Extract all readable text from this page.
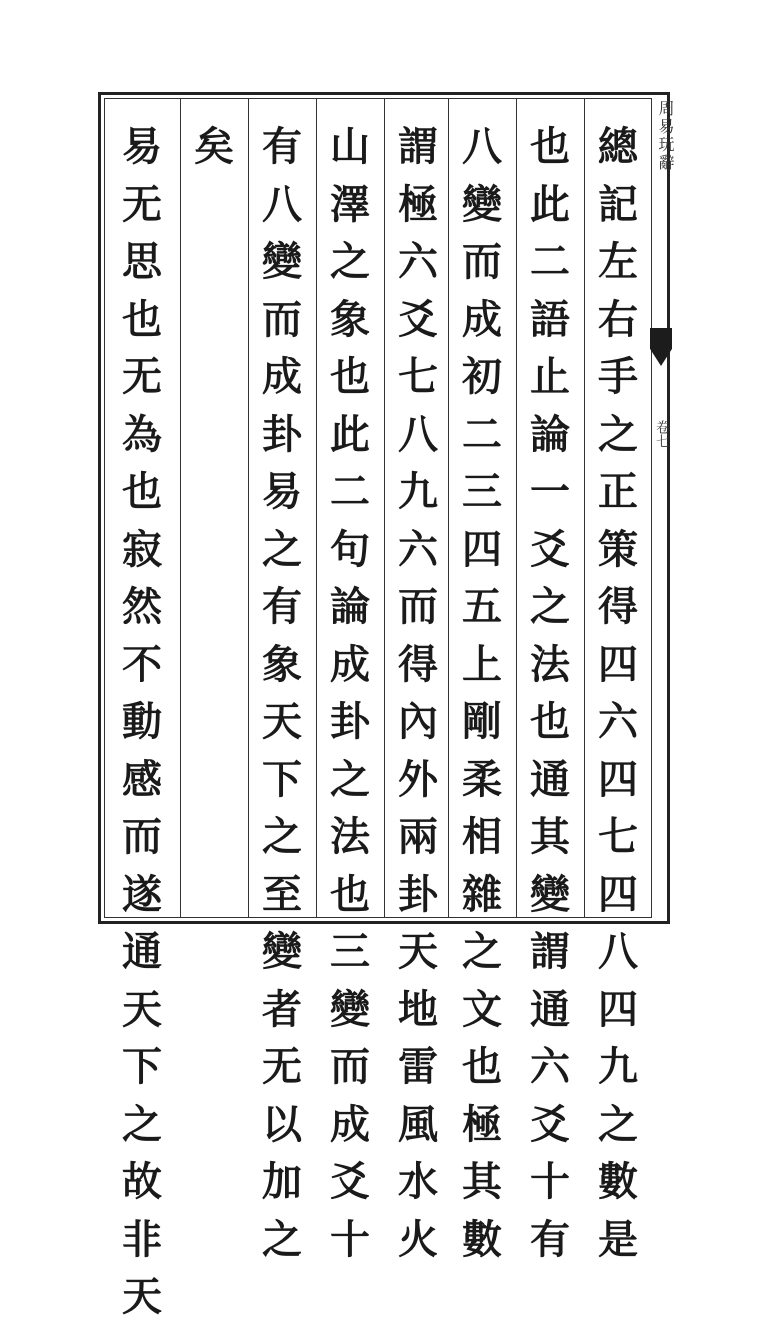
總
記
左
右
手
之
正
策
得
四
六
四
七
四
八
四
九
之
數
是
也
此
二
語
止
論
一
爻
之
法
也
通
其
變
謂
通
六
爻
十
有
八
變
而
成
初
二
三
四
五
上
剛
柔
相
雜
之
文
也
極
其
數
謂
極
六
爻
七
八
九
六
而
得
內
外
兩
卦
天
地
雷
風
水
火
山
澤
之
象
也
此
二
句
論
成
卦
之
法
也
三
變
而
成
爻
十
有
八
變
而
成
卦
易
之
有
象
天
下
之
至
變
者
无
以
加
之
矣
易
无
思
也
无
為
也
寂
然
不
動
感
而
遂
通
天
下
之
故
非
天
周易玩辭
卷七
